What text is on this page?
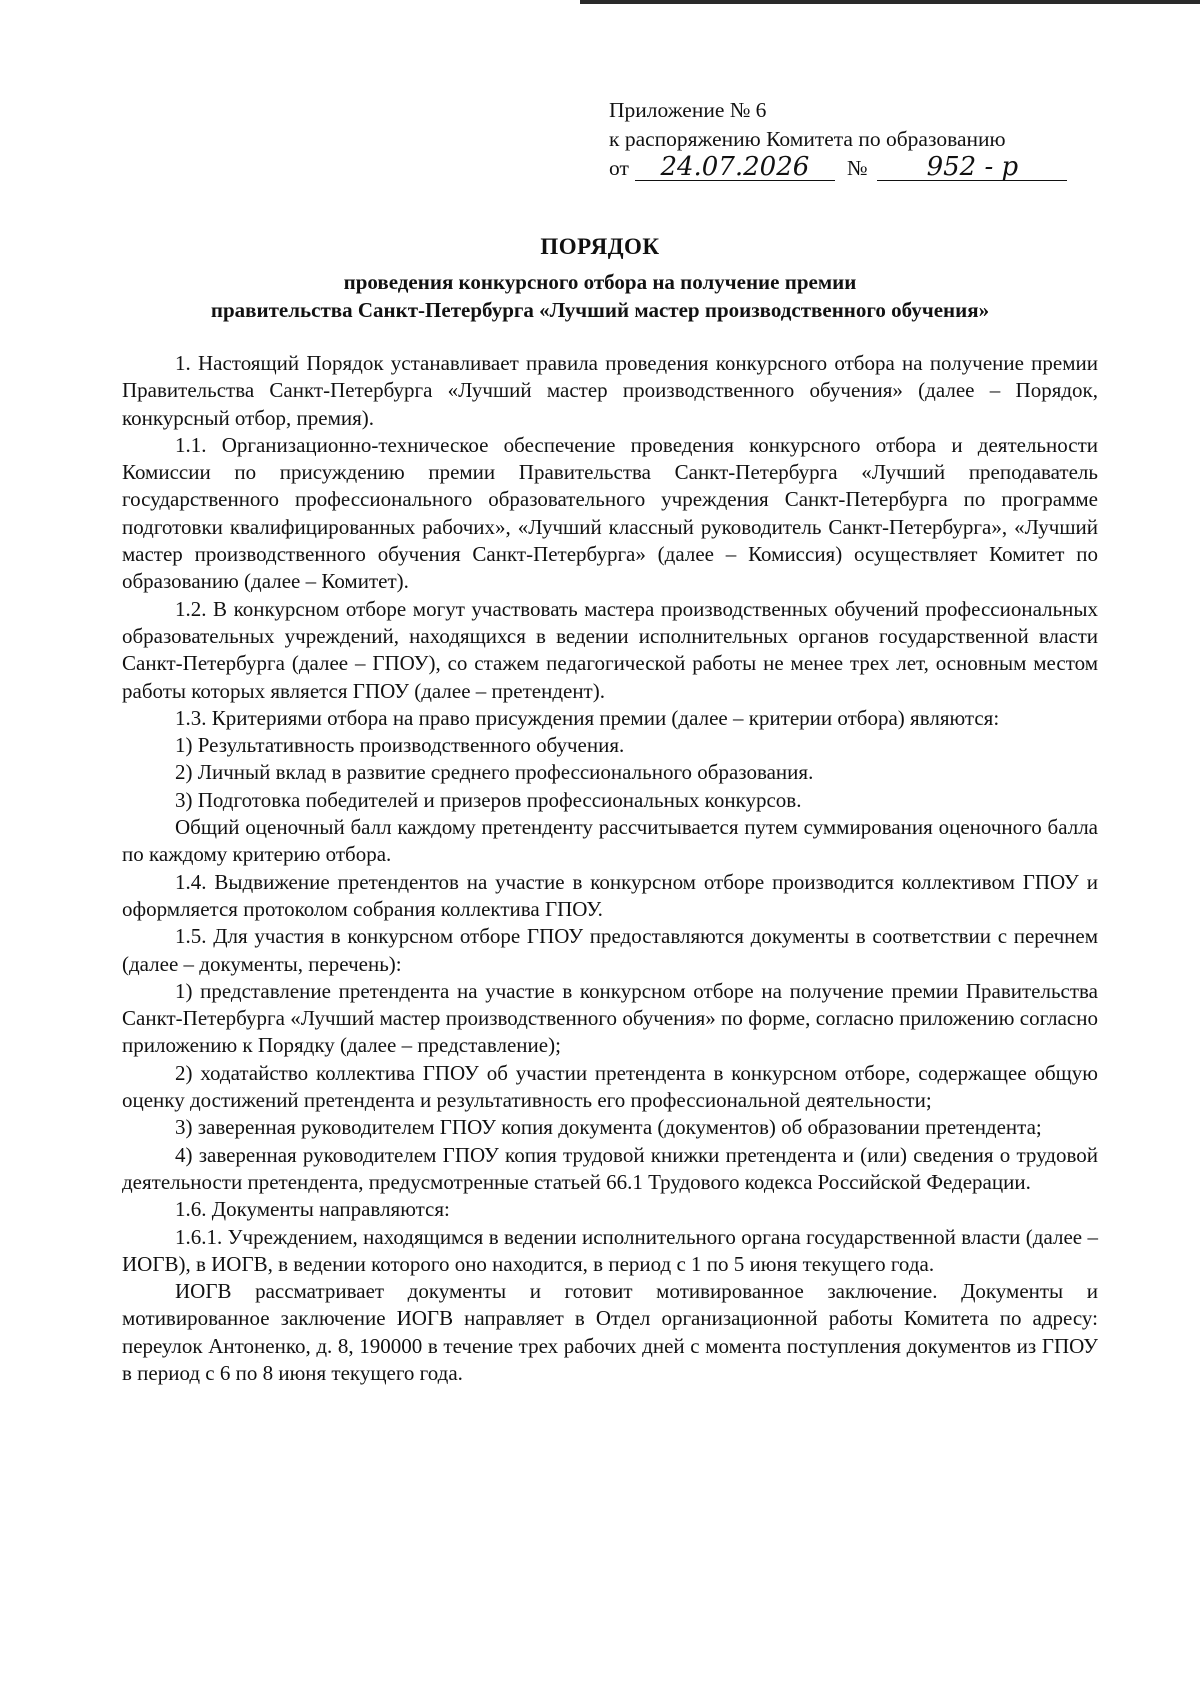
Приложение № 6
к распоряжению Комитета по образованию
от 24.07.2026 № 952 - р
ПОРЯДОК
проведения конкурсного отбора на получение премии
правительства Санкт-Петербурга «Лучший мастер производственного обучения»

1. Настоящий Порядок устанавливает правила проведения конкурсного отбора на получение премии Правительства Санкт-Петербурга «Лучший мастер производственного обучения» (далее – Порядок, конкурсный отбор, премия).

1.1. Организационно-техническое обеспечение проведения конкурсного отбора и деятельности Комиссии по присуждению премии Правительства Санкт-Петербурга «Лучший преподаватель государственного профессионального образовательного учреждения Санкт-Петербурга по программе подготовки квалифицированных рабочих», «Лучший классный руководитель Санкт-Петербурга», «Лучший мастер производственного обучения Санкт-Петербурга» (далее – Комиссия) осуществляет Комитет по образованию (далее – Комитет).

1.2. В конкурсном отборе могут участвовать мастера производственных обучений профессиональных образовательных учреждений, находящихся в ведении исполнительных органов государственной власти Санкт-Петербурга (далее – ГПОУ), со стажем педагогической работы не менее трех лет, основным местом работы которых является ГПОУ (далее – претендент).

1.3. Критериями отбора на право присуждения премии (далее – критерии отбора) являются:

1) Результативность производственного обучения.

2) Личный вклад в развитие среднего профессионального образования.

3) Подготовка победителей и призеров профессиональных конкурсов.

Общий оценочный балл каждому претенденту рассчитывается путем суммирования оценочного балла по каждому критерию отбора.

1.4. Выдвижение претендентов на участие в конкурсном отборе производится коллективом ГПОУ и оформляется протоколом собрания коллектива ГПОУ.

1.5. Для участия в конкурсном отборе ГПОУ предоставляются документы в соответствии с перечнем (далее – документы, перечень):

1) представление претендента на участие в конкурсном отборе на получение премии Правительства Санкт-Петербурга «Лучший мастер производственного обучения» по форме, согласно приложению согласно приложению к Порядку (далее – представление);

2) ходатайство коллектива ГПОУ об участии претендента в конкурсном отборе, содержащее общую оценку достижений претендента и результативность его профессиональной деятельности;

3) заверенная руководителем ГПОУ копия документа (документов) об образовании претендента;

4) заверенная руководителем ГПОУ копия трудовой книжки претендента и (или) сведения о трудовой деятельности претендента, предусмотренные статьей 66.1 Трудового кодекса Российской Федерации.

1.6. Документы направляются:

1.6.1. Учреждением, находящимся в ведении исполнительного органа государственной власти (далее – ИОГВ), в ИОГВ, в ведении которого оно находится, в период с 1 по 5 июня текущего года.

ИОГВ рассматривает документы и готовит мотивированное заключение. Документы и мотивированное заключение ИОГВ направляет в Отдел организационной работы Комитета по адресу: переулок Антоненко, д. 8, 190000 в течение трех рабочих дней с момента поступления документов из ГПОУ в период с 6 по 8 июня текущего года.
